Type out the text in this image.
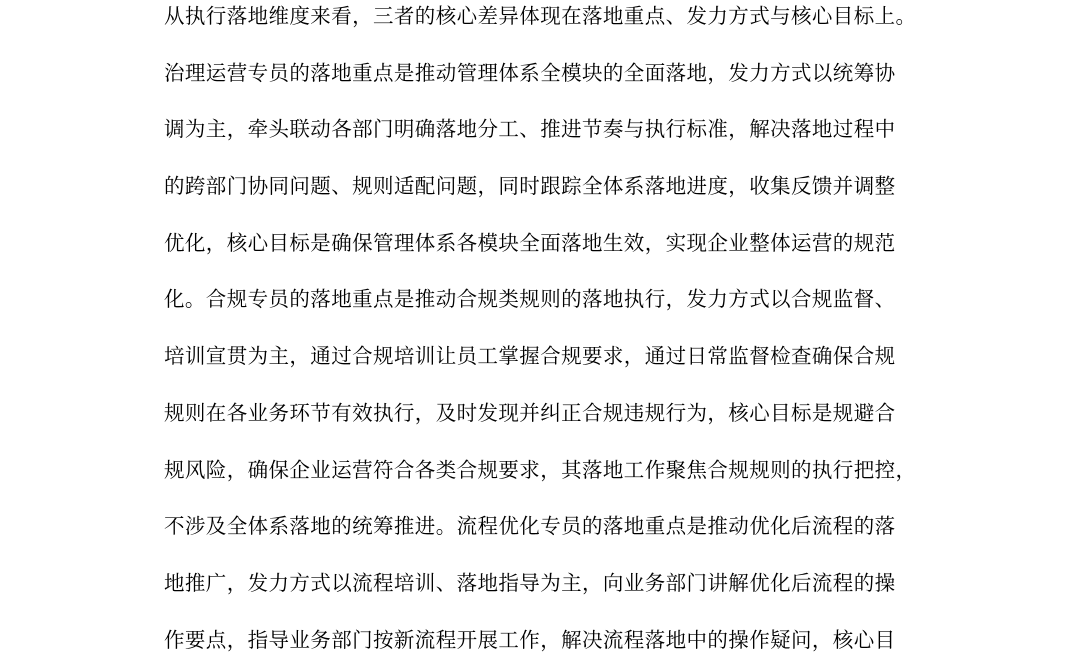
从执行落地维度来看，三者的核心差异体现在落地重点、发力方式与核心目标上。
治理运营专员的落地重点是推动管理体系全模块的全面落地，发力方式以统筹协
调为主，牵头联动各部门明确落地分工、推进节奏与执行标准，解决落地过程中
的跨部门协同问题、规则适配问题，同时跟踪全体系落地进度，收集反馈并调整
优化，核心目标是确保管理体系各模块全面落地生效，实现企业整体运营的规范
化。合规专员的落地重点是推动合规类规则的落地执行，发力方式以合规监督、
培训宣贯为主，通过合规培训让员工掌握合规要求，通过日常监督检查确保合规
规则在各业务环节有效执行，及时发现并纠正合规违规行为，核心目标是规避合
规风险，确保企业运营符合各类合规要求，其落地工作聚焦合规规则的执行把控，
不涉及全体系落地的统筹推进。流程优化专员的落地重点是推动优化后流程的落
地推广，发力方式以流程培训、落地指导为主，向业务部门讲解优化后流程的操
作要点，指导业务部门按新流程开展工作，解决流程落地中的操作疑问，核心目
